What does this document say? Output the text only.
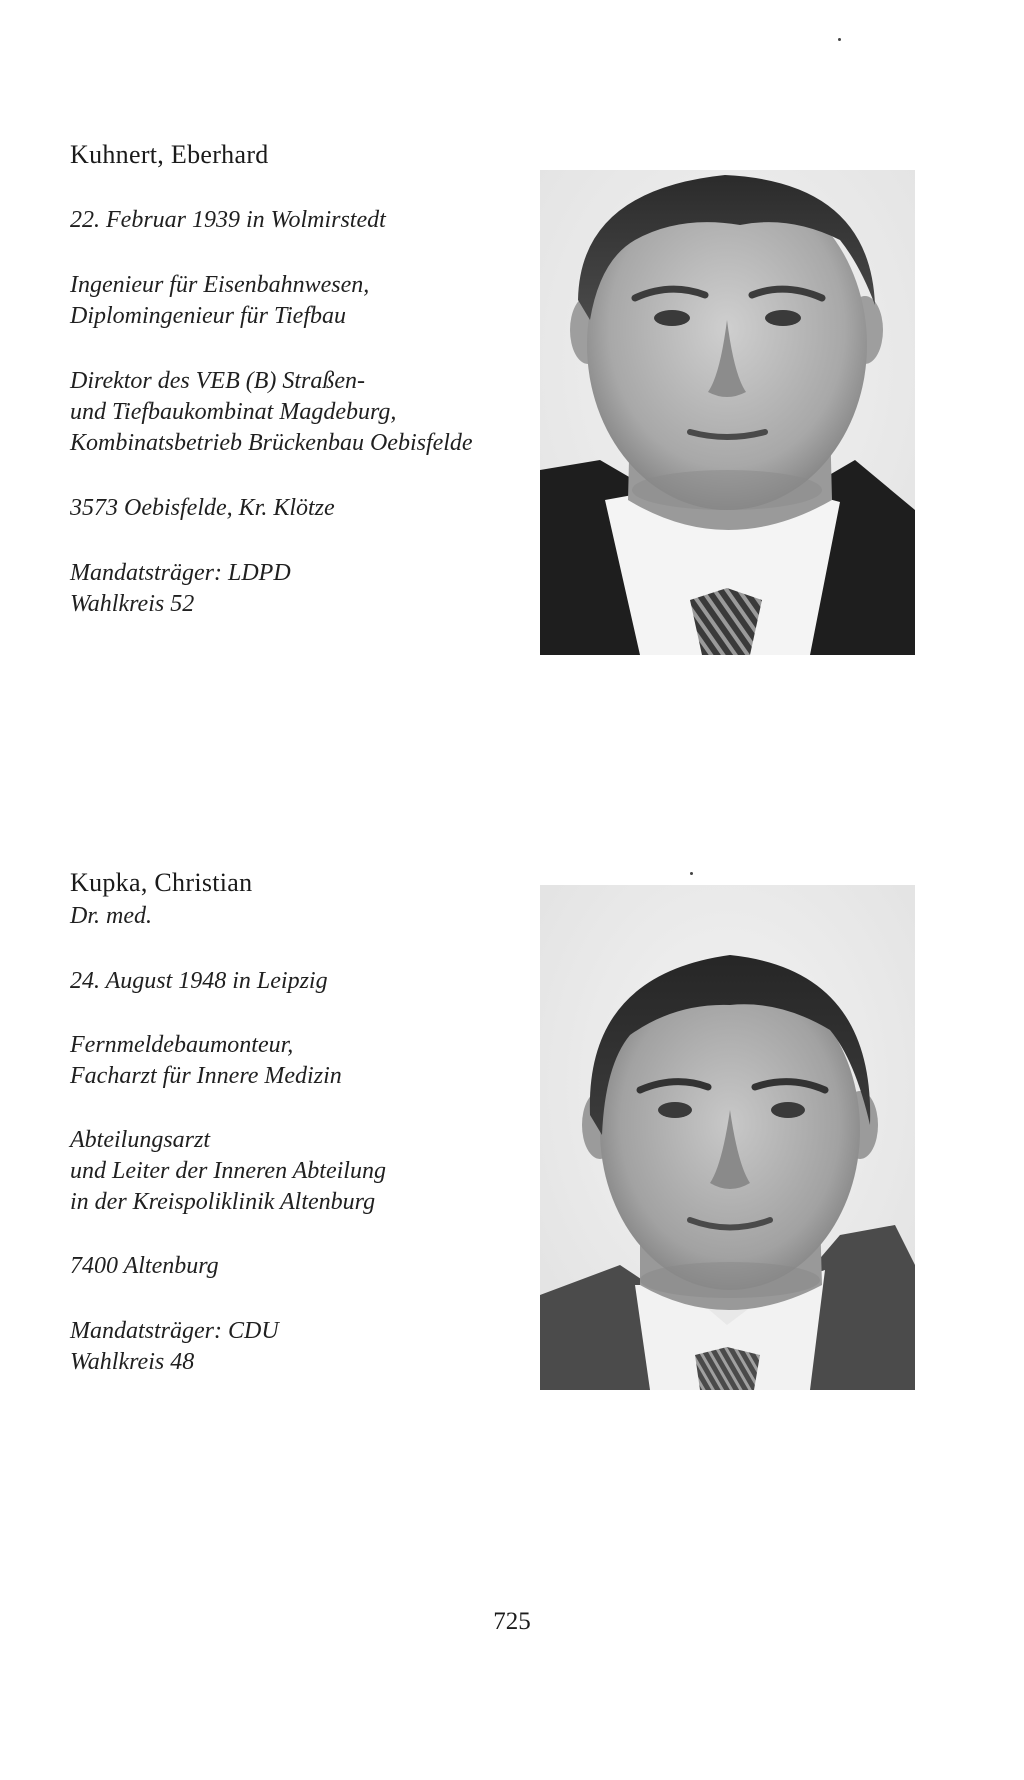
Kuhnert, Eberhard
22. Februar 1939 in Wolmirstedt
Ingenieur für Eisenbahnwesen,
Diplomingenieur für Tiefbau
Direktor des VEB (B) Straßen-
und Tiefbaukombinat Magdeburg,
Kombinatsbetrieb Brückenbau Oebisfelde
3573 Oebisfelde, Kr. Klötze
Mandatsträger: LDPD
Wahlkreis 52
Kupka, Christian
Dr. med.
24. August 1948 in Leipzig
Fernmeldebaumonteur,
Facharzt für Innere Medizin
Abteilungsarzt
und Leiter der Inneren Abteilung
in der Kreispoliklinik Altenburg
7400 Altenburg
Mandatsträger: CDU
Wahlkreis 48
725
